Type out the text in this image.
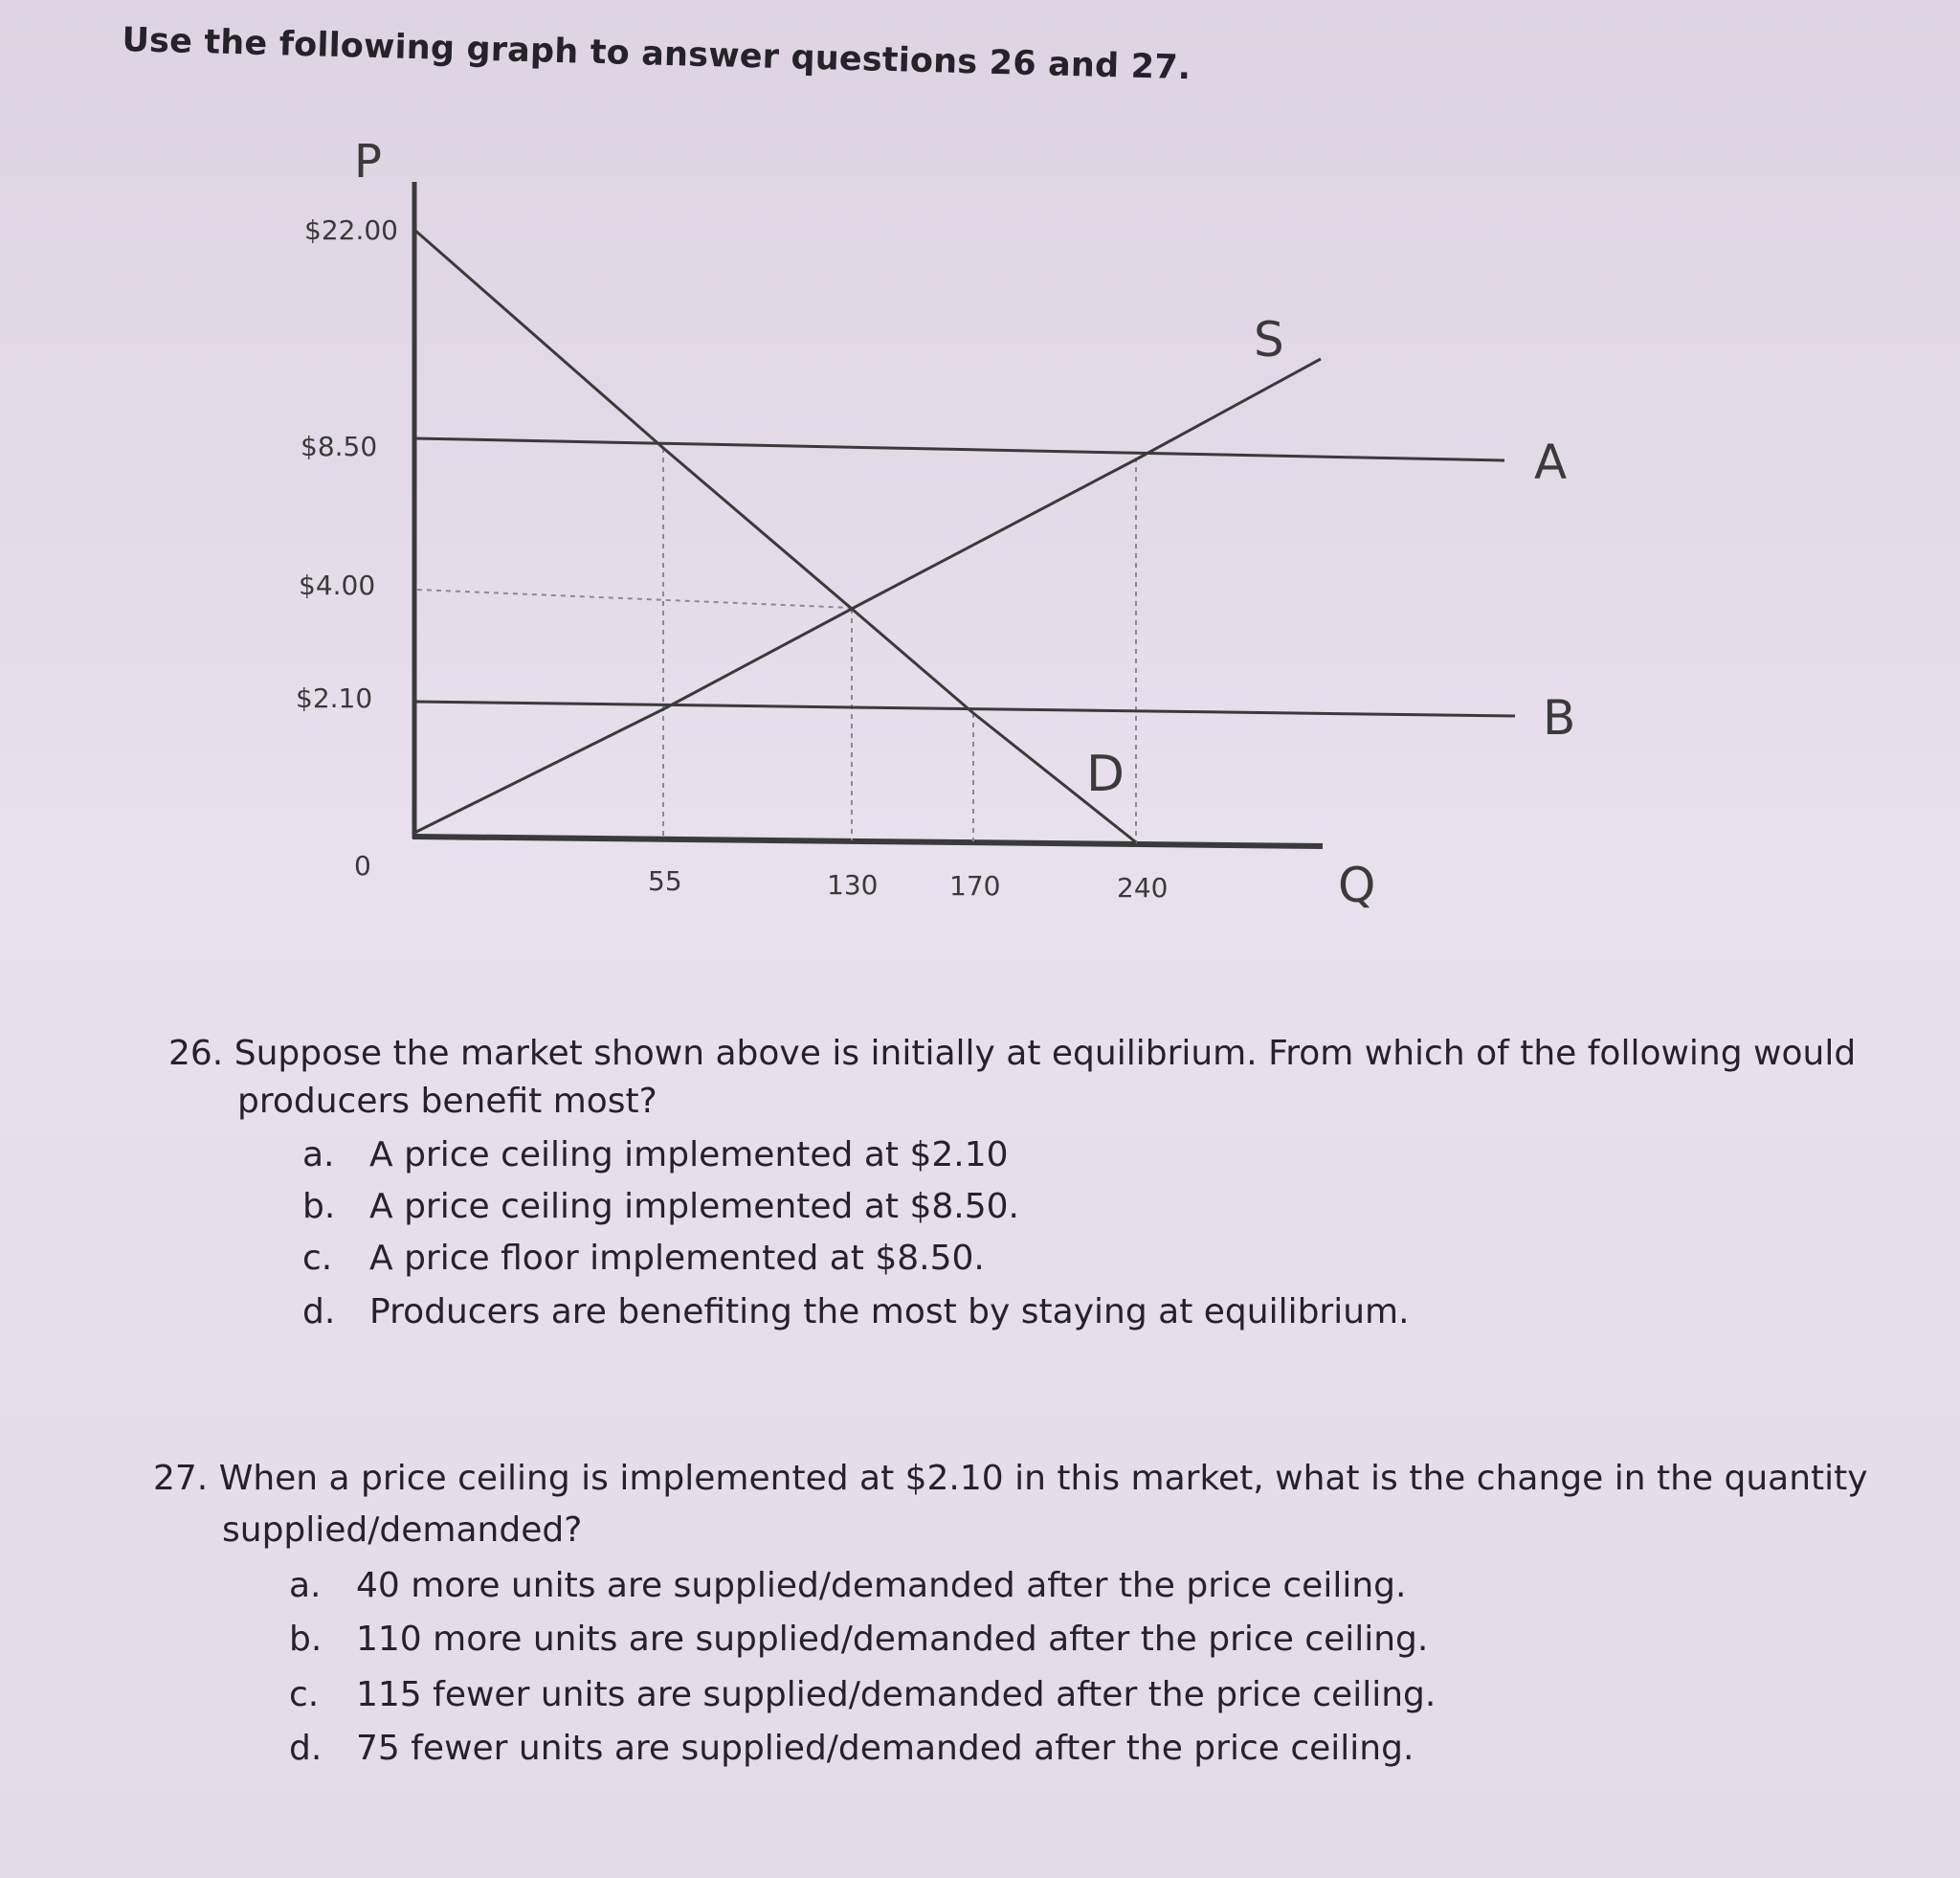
Use the following graph to answer questions 26 and 27.
P
Q
$22.00
$8.50
$4.00
$2.10
0	55	130	170	240
D
S
A
B
26. Suppose the market shown above is initially at equilibrium. From which of the following would
producers benefit most?
a. A price ceiling implemented at $2.10
b. A price ceiling implemented at $8.50.
c. A price floor implemented at $8.50.
d. Producers are benefiting the most by staying at equilibrium.
27. When a price ceiling is implemented at $2.10 in this market, what is the change in the quantity
supplied/demanded?
a. 40 more units are supplied/demanded after the price ceiling.
b. 110 more units are supplied/demanded after the price ceiling.
c. 115 fewer units are supplied/demanded after the price ceiling.
d. 75 fewer units are supplied/demanded after the price ceiling.
